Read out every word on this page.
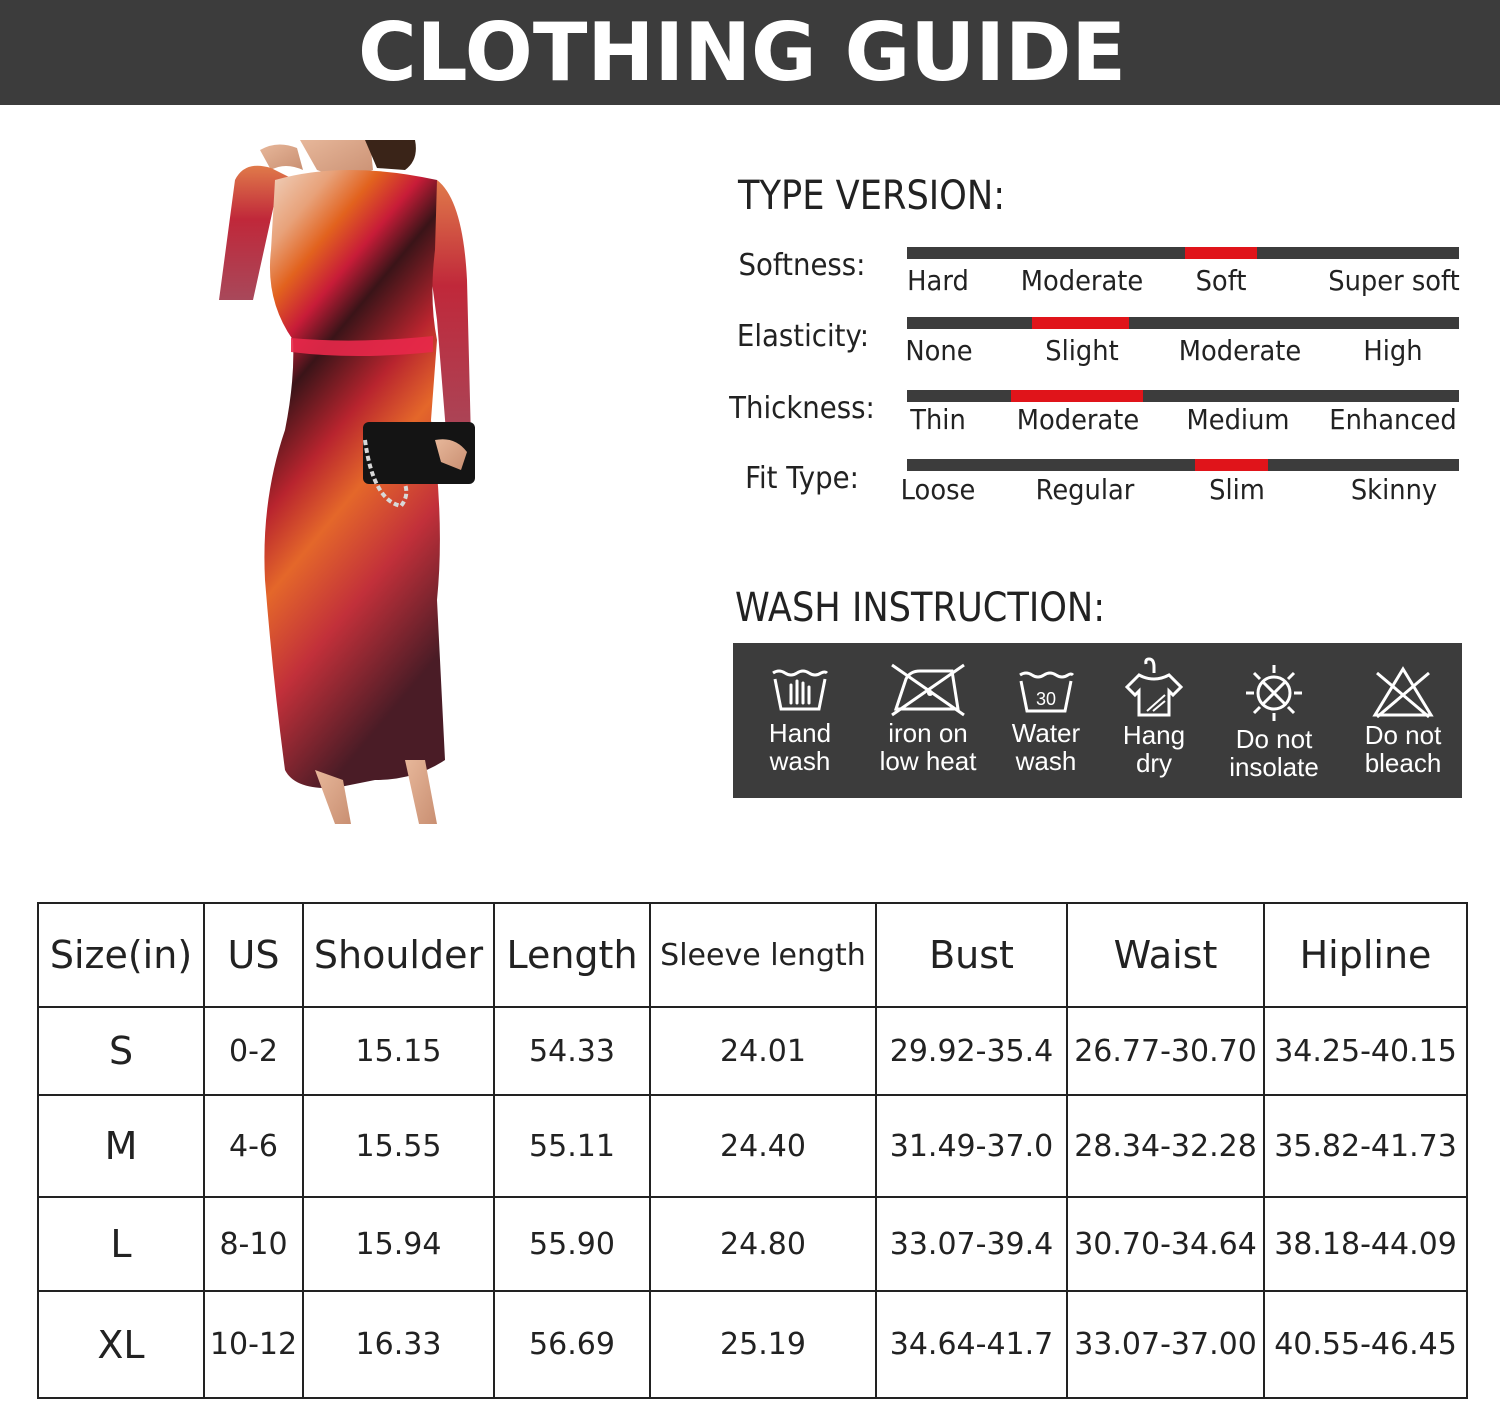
CLOTHING GUIDE
TYPE VERSION:
Softness:	Hard Moderate Soft	Super soft
Elasticity:	None	Slight Moderate High
Thickness:	Thin Moderate Medium Enhanced
Fit Type:	Loose Regular	Slim	Skinny
WASH INSTRUCTION:
Hand
wash
iron on
low heat
30
Water
wash
Hang
dry
Do not
insolate
Do not
bleach
Size(in)	US	Shoulder	Length	Sleeve length	Bust	Waist	Hipline
S	0-2	15.15	54.33	24.01	29.92-35.4	26.77-30.70	34.25-40.15
M	4-6	15.55	55.11	24.40	31.49-37.0	28.34-32.28	35.82-41.73
L	8-10	15.94	55.90	24.80	33.07-39.4	30.70-34.64	38.18-44.09
XL	10-12	16.33	56.69	25.19	34.64-41.7	33.07-37.00	40.55-46.45
